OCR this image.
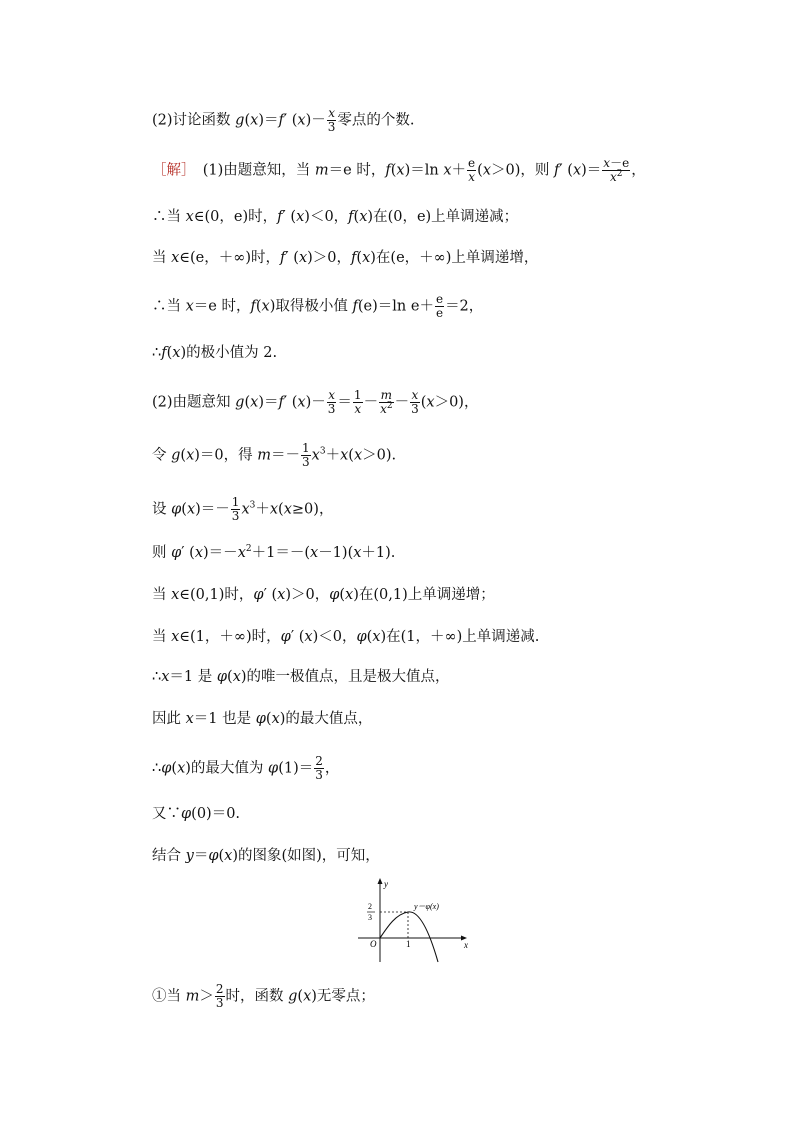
(2)讨论函数 g(x)＝f′ $(x)- \frac{x}{3}$ 零点的个数.
［解］　(1)由题意知，当 m＝e 时，f(x)＝ln $x+ \frac{e}{x} (x>0)$，则 f′ $(x)= \frac{x-e}{x^2}$ ，
∴当 x∈(0，e)时，f′ (x)＜0，f(x)在(0，e)上单调递减；
当 x∈(e，＋∞)时，f′ (x)＞0，f(x)在(e，＋∞)上单调递增，
∴当 x＝e 时，f(x)取得极小值 f(e)＝ln $e+ \frac{e}{e} =2$，
∴f(x)的极小值为 2.
(2)由题意知 g(x)＝f′ $(x)- \frac{x}{3} = \frac{1}{x} - \frac{m}{x^2} - \frac{x}{3} (x>0)$，
令 g(x)＝0，得 $m=- \frac{1}{3} x^3+x(x>0)$.
设 $\varphi(x)=- \frac{1}{3} x^3+x(x\ge 0)$，
则 φ′ $(x)=-x^2+1=-(x-1)(x+1)$.
当 x∈(0,1)时，φ′ (x)＞0，φ(x)在(0,1)上单调递增；
当 x∈(1，＋∞)时，φ′ (x)＜0，φ(x)在(1，＋∞)上单调递减.
∴x＝1 是 φ(x)的唯一极值点，且是极大值点，
因此 x＝1 也是 φ(x)的最大值点，
∴φ(x)的最大值为 $\varphi(1)= \frac{2}{3}$ ，
又∵φ(0)＝0.
结合 y＝φ(x)的图象(如图)，可知，
y
x
O	1
2
3
y＝φ(x)
①当 $m> \frac{2}{3}$ 时，函数 g(x)无零点；
